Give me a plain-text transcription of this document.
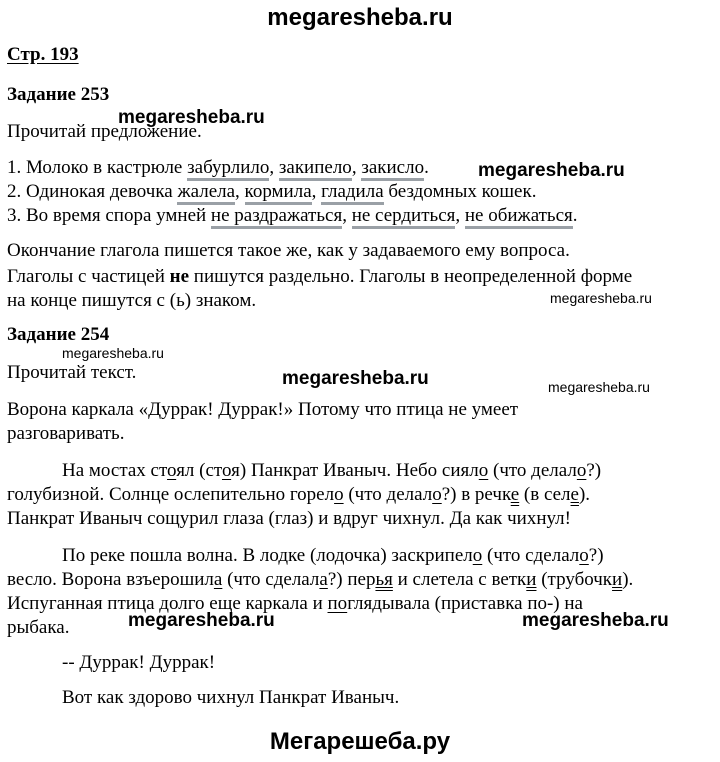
megaresheba.ru
megaresheba.ru
megaresheba.ru
megaresheba.ru
megaresheba.ru
megaresheba.ru	megaresheba.ru
megaresheba.ru	megaresheba.ru
Мегарешеба.ру
Стр. 193
Задание 253
Прочитай предложение.
1. Молоко в кастрюле забурлило, закипело, закисло.
2. Одинокая девочка жалела, кормила, гладила бездомных кошек.
3. Во время спора умней не раздражаться, не сердиться, не обижаться.
Окончание глагола пишется такое же, как у задаваемого ему вопроса.
Глаголы с частицей не пишутся раздельно. Глаголы в неопределенной форме
на конце пишутся с (ь) знаком.
Задание 254
Прочитай текст.
Ворона каркала «Дуррак! Дуррак!» Потому что птица не умеет
разговаривать.
На мостах стоял (стоя) Панкрат Иваныч. Небо сияло (что делало?)
голубизной. Солнце ослепительно горело (что делало?) в речке (в селе).
Панкрат Иваныч сощурил глаза (глаз) и вдруг чихнул. Да как чихнул!
По реке пошла волна. В лодке (лодочка) заскрипело (что сделало?)
весло. Ворона взъерошила (что сделала?) перья и слетела с ветки (трубочки).
Испуганная птица долго еще каркала и поглядывала (приставка по-) на
рыбака.
-- Дуррак! Дуррак!
Вот как здорово чихнул Панкрат Иваныч.
